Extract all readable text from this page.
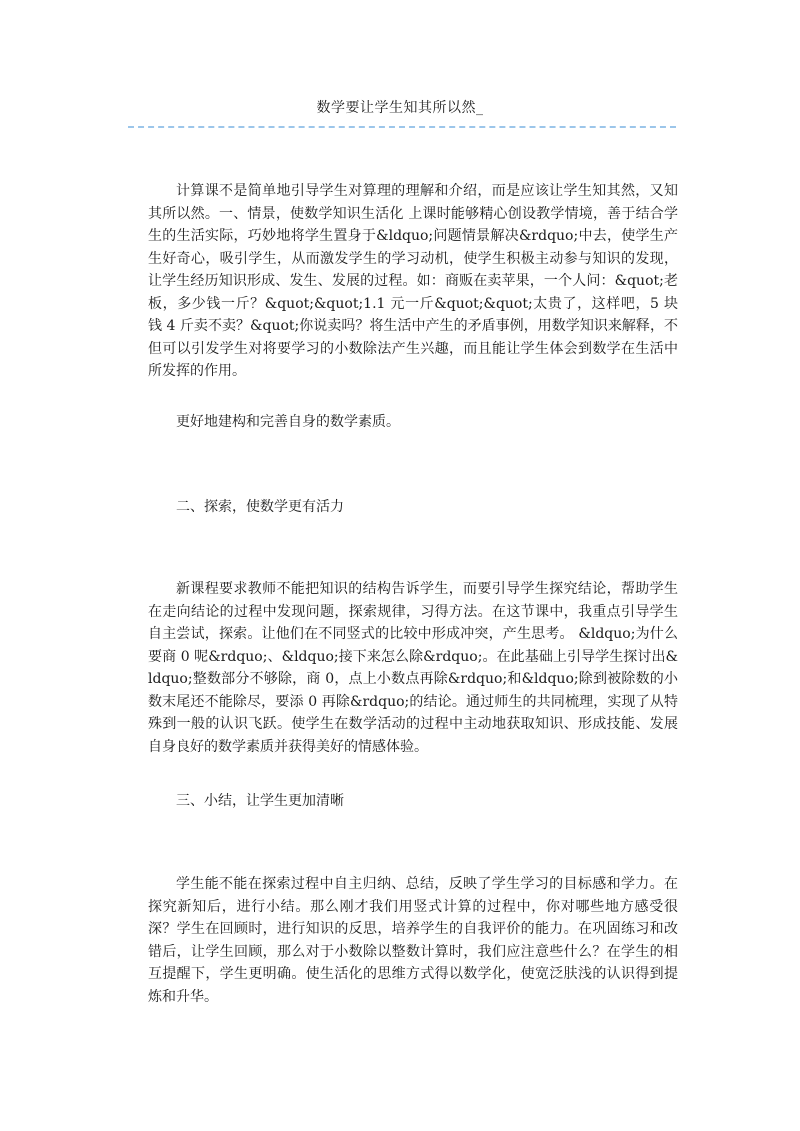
数学要让学生知其所以然_

计算课不是简单地引导学生对算理的理解和介绍，而是应该让学生知其然，又知其所以然。一、情景，使数学知识生活化 上课时能够精心创设教学情境，善于结合学生的生活实际，巧妙地将学生置身于&ldquo;问题情景解决&rdquo;中去，使学生产生好奇心，吸引学生，从而激发学生的学习动机，使学生积极主动参与知识的发现，让学生经历知识形成、发生、发展的过程。如：商贩在卖苹果，一个人问：&quot;老板，多少钱一斤？&quot;&quot;1.1 元一斤&quot;&quot;太贵了，这样吧，5 块钱 4 斤卖不卖？&quot;你说卖吗？将生活中产生的矛盾事例，用数学知识来解释，不但可以引发学生对将要学习的小数除法产生兴趣，而且能让学生体会到数学在生活中所发挥的作用。

更好地建构和完善自身的数学素质。

二、探索，使数学更有活力

新课程要求教师不能把知识的结构告诉学生，而要引导学生探究结论，帮助学生在走向结论的过程中发现问题，探索规律，习得方法。在这节课中，我重点引导学生自主尝试，探索。让他们在不同竖式的比较中形成冲突，产生思考。 &ldquo;为什么要商 0 呢&rdquo;、&ldquo;接下来怎么除&rdquo;。在此基础上引导学生探讨出&ldquo;整数部分不够除，商 0，点上小数点再除&rdquo;和&ldquo;除到被除数的小数末尾还不能除尽，要添 0 再除&rdquo;的结论。通过师生的共同梳理，实现了从特殊到一般的认识飞跃。使学生在数学活动的过程中主动地获取知识、形成技能、发展自身良好的数学素质并获得美好的情感体验。

三、小结，让学生更加清晰

学生能不能在探索过程中自主归纳、总结，反映了学生学习的目标感和学力。在探究新知后，进行小结。那么刚才我们用竖式计算的过程中，你对哪些地方感受很深？学生在回顾时，进行知识的反思，培养学生的自我评价的能力。在巩固练习和改错后，让学生回顾，那么对于小数除以整数计算时，我们应注意些什么？在学生的相互提醒下，学生更明确。使生活化的思维方式得以数学化，使宽泛肤浅的认识得到提炼和升华。
